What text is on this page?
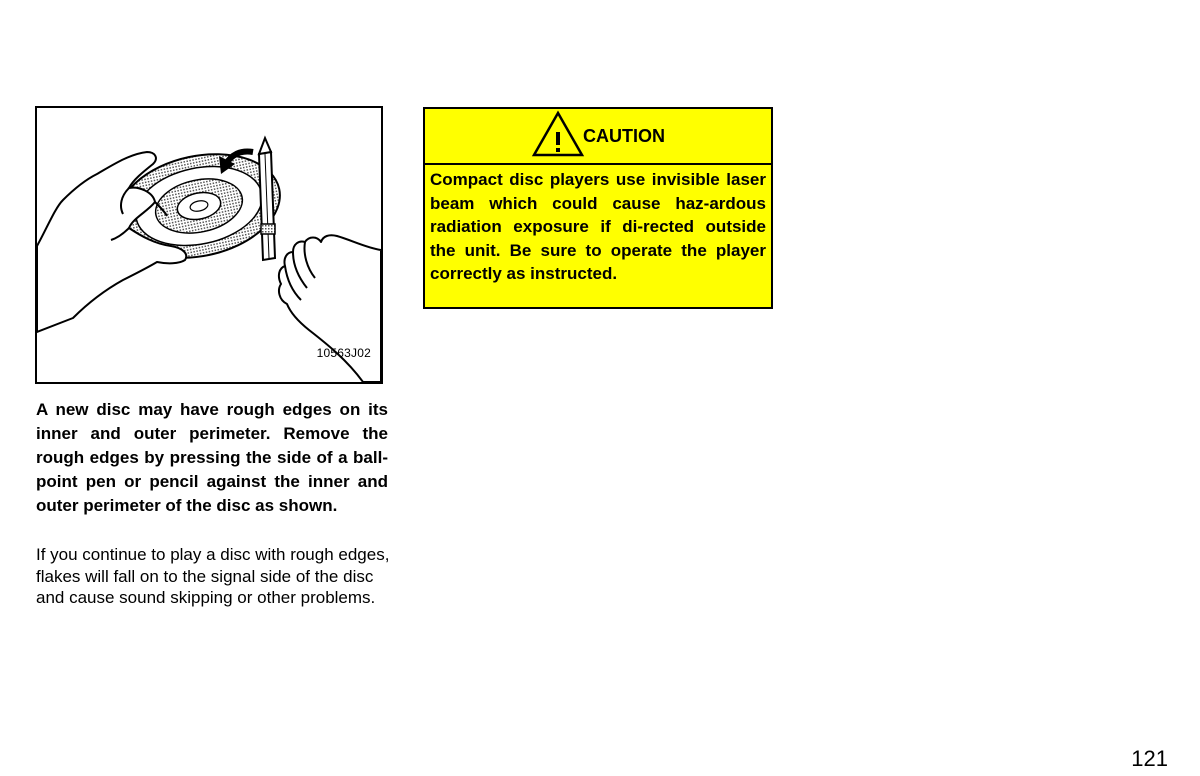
10563J02

A new disc may have rough edges on its inner and outer perimeter. Remove the rough edges by pressing the side of a ball-point pen or pencil against the inner and outer perimeter of the disc as shown.

If you continue to play a disc with rough edges, flakes will fall on to the signal side of the disc and cause sound skipping or other problems.

CAUTION
Compact disc players use invisible laser beam which could cause haz-ardous radiation exposure if di-rected outside the unit. Be sure to operate the player correctly as instructed.
121
